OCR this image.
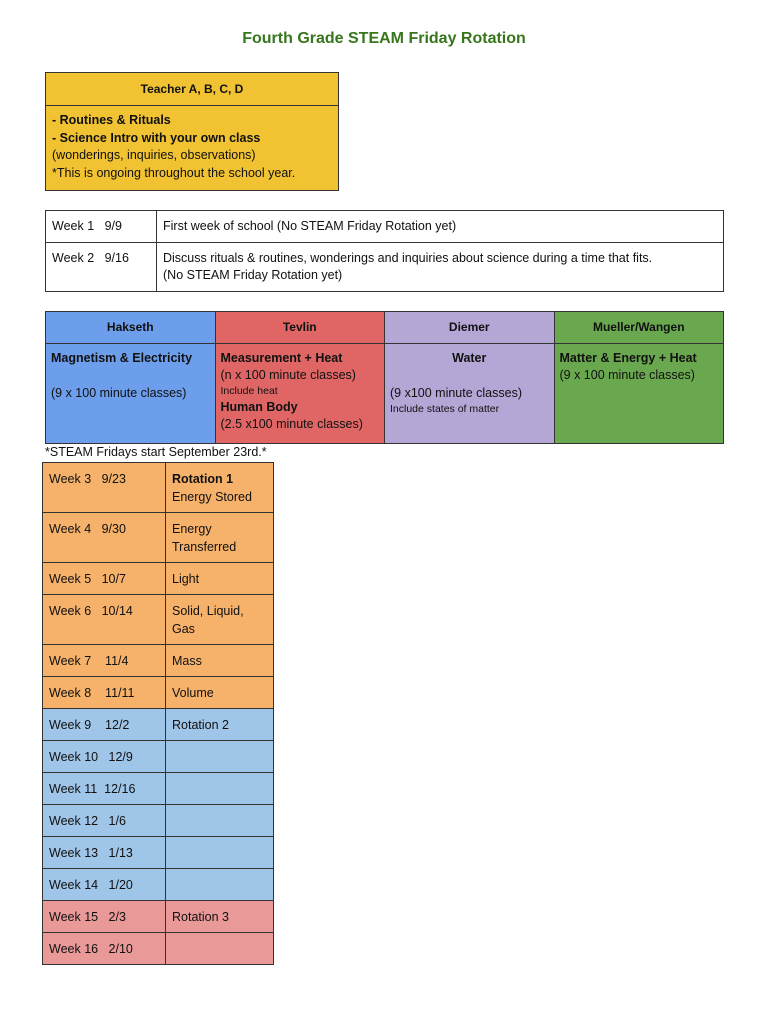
Fourth Grade STEAM Friday Rotation
Teacher A, B, C, D
- Routines & Rituals
- Science Intro with your own class
(wonderings, inquiries, observations)
*This is ongoing throughout the school year.
Week 1   9/9	First week of school (No STEAM Friday Rotation yet)
Week 2   9/16	Discuss rituals & routines, wonderings and inquiries about science during a time that fits.
(No STEAM Friday Rotation yet)
Hakseth	Tevlin	Diemer	Mueller/Wangen

Magnetism & Electricity
(9 x 100 minute classes)	Measurement + Heat
(n x 100 minute classes)
Include heat
Human Body
(2.5 x100 minute classes)	Water
(9 x100 minute classes)
Include states of matter	Matter & Energy + Heat
(9 x 100 minute classes)
*STEAM Fridays start September 23rd.*
Week 3   9/23	Rotation 1
Energy Stored

Week 4   9/30	Energy
Transferred

Week 5   10/7	Light
Week 6   10/14	Solid, Liquid,
Gas

Week 7    11/4	Mass
Week 8    11/11	Volume
Week 9    12/2	Rotation 2
Week 10   12/9	
Week 11  12/16	
Week 12   1/6	
Week 13   1/13	
Week 14   1/20	
Week 15   2/3	Rotation 3
Week 16   2/10	
